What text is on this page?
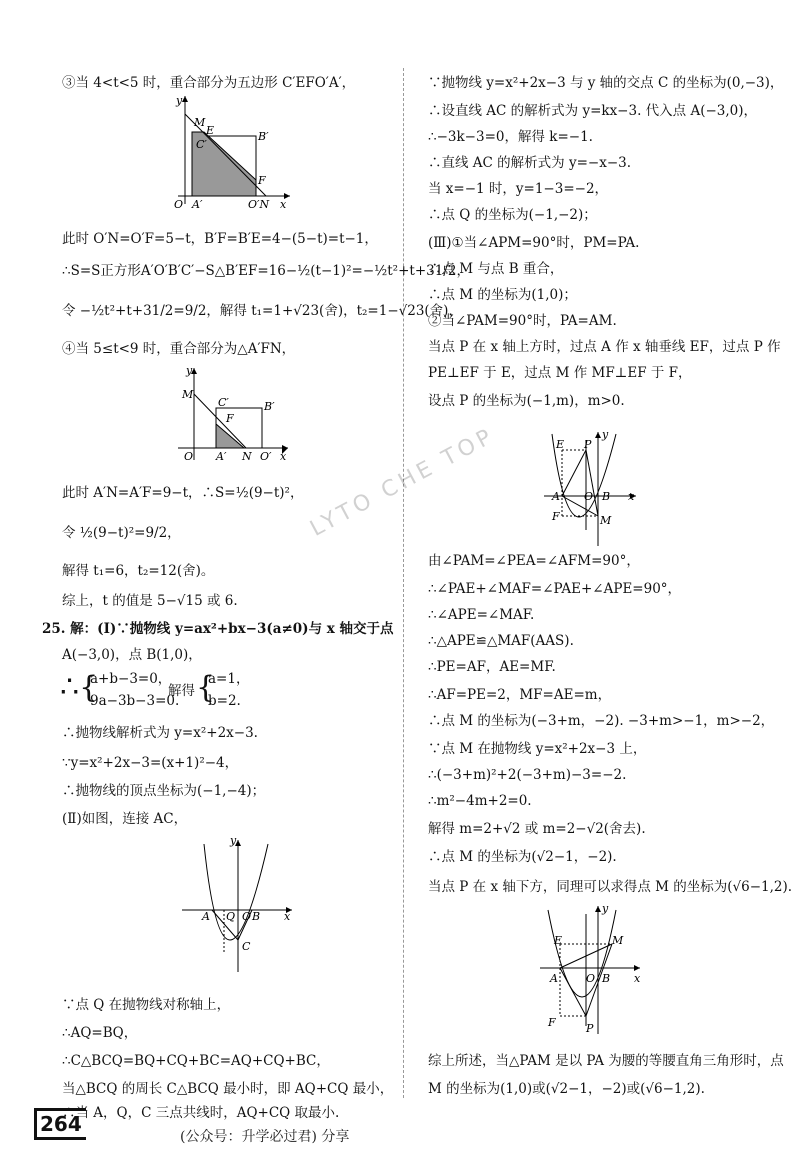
LYTO CHE TOP
③当 4<t<5 时，重合部分为五边形 C′EFO′A′，
y
M
E
C′
B′
F
O A′	O′N x
此时 O′N=O′F=5−t，B′F=B′E=4−(5−t)=t−1，
∴S=S正方形A′O′B′C′−S△B′EF=16−½(t−1)²=−½t²+t+31/2，
令 −½t²+t+31/2=9/2，解得 t₁=1+√23(舍)，t₂=1−√23(舍)，
④当 5≤t<9 时，重合部分为△A′FN，
y
M
C′	B′
F
O A′ N O′ x
此时 A′N=A′F=9−t，∴S=½(9−t)²，
令 ½(9−t)²=9/2，
解得 t₁=6，t₂=12(舍)。
综上，t 的值是 5−√15 或 6.
25. 解：(Ⅰ)∵抛物线 y=ax²+bx−3(a≠0)与 x 轴交于点
A(−3,0)，点 B(1,0)，
∴{
a+b−3=0，
9a−3b−3=0.
解得 {
a=1，
b=2.
∴抛物线解析式为 y=x²+2x−3.
∵y=x²+2x−3=(x+1)²−4，
∴抛物线的顶点坐标为(−1,−4)；
(Ⅱ)如图，连接 AC，
y
A Q O B x
C
∵点 Q 在抛物线对称轴上，
∴AQ=BQ，
∴C△BCQ=BQ+CQ+BC=AQ+CQ+BC，
当△BCQ 的周长 C△BCQ 最小时，即 AQ+CQ 最小，
∴当 A，Q，C 三点共线时，AQ+CQ 取最小.
∵抛物线 y=x²+2x−3 与 y 轴的交点 C 的坐标为(0,−3)，
∴设直线 AC 的解析式为 y=kx−3. 代入点 A(−3,0)，
∴−3k−3=0，解得 k=−1.
∴直线 AC 的解析式为 y=−x−3.
当 x=−1 时，y=1−3=−2，
∴点 Q 的坐标为(−1,−2)；
(Ⅲ)①当∠APM=90°时，PM=PA.
∴点 M 与点 B 重合，
∴点 M 的坐标为(1,0)；
②当∠PAM=90°时，PA=AM.
当点 P 在 x 轴上方时，过点 A 作 x 轴垂线 EF，过点 P 作
PE⊥EF 于 E，过点 M 作 MF⊥EF 于 F，
设点 P 的坐标为(−1,m)，m>0.
y
E P
A O B x
F	M
由∠PAM=∠PEA=∠AFM=90°，
∴∠PAE+∠MAF=∠PAE+∠APE=90°，
∴∠APE=∠MAF.
∴△APE≌△MAF(AAS).
∴PE=AF，AE=MF.
∴AF=PE=2，MF=AE=m，
∴点 M 的坐标为(−3+m，−2). −3+m>−1，m>−2，
∵点 M 在抛物线 y=x²+2x−3 上，
∴(−3+m)²+2(−3+m)−3=−2.
∴m²−4m+2=0.
解得 m=2+√2 或 m=2−√2(舍去).
∴点 M 的坐标为(√2−1，−2).
当点 P 在 x 轴下方，同理可以求得点 M 的坐标为(√6−1,2).
y
E	M
A	O B x
F	P
综上所述，当△PAM 是以 PA 为腰的等腰直角三角形时，点
M 的坐标为(1,0)或(√2−1，−2)或(√6−1,2).
264
(公众号：升学必过君) 分享
